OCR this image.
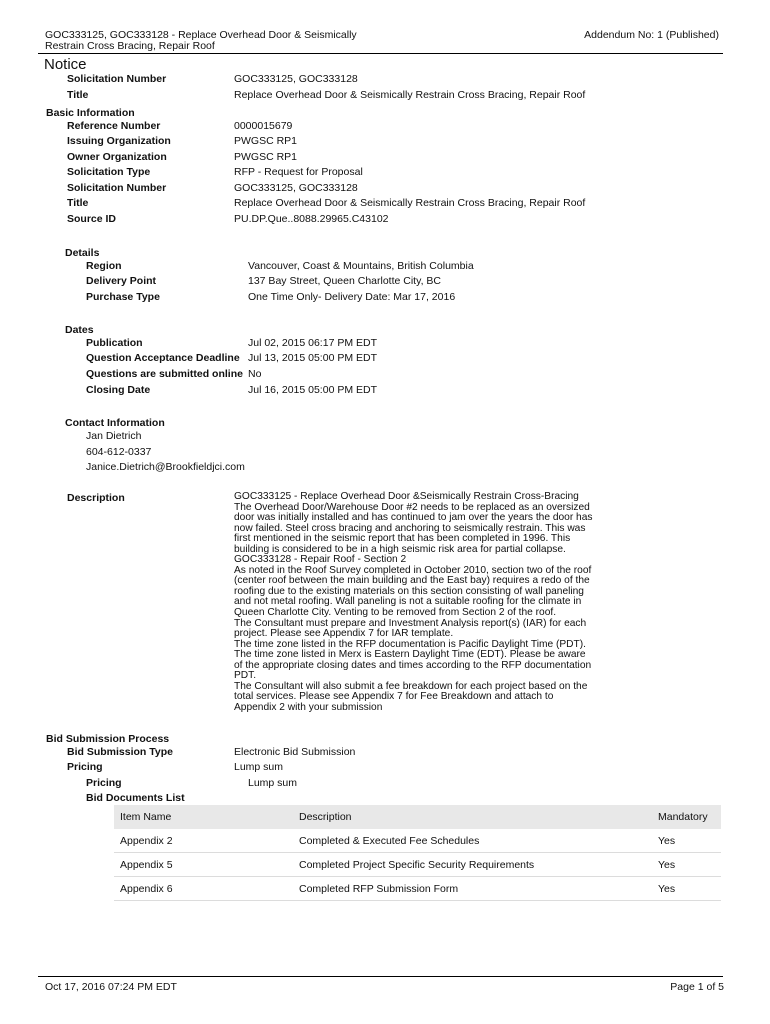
GOC333125, GOC333128 - Replace Overhead Door & Seismically
Restrain Cross Bracing, Repair Roof
Addendum No: 1 (Published)
Notice
Solicitation Number	GOC333125, GOC333128
Title	Replace Overhead Door & Seismically Restrain Cross Bracing, Repair Roof
Basic Information
Reference Number	0000015679
Issuing Organization	PWGSC RP1
Owner Organization	PWGSC RP1
Solicitation Type	RFP - Request for Proposal
Solicitation Number	GOC333125, GOC333128
Title	Replace Overhead Door & Seismically Restrain Cross Bracing, Repair Roof
Source ID	PU.DP.Que..8088.29965.C43102
Details
Region	Vancouver, Coast & Mountains, British Columbia
Delivery Point	137 Bay Street, Queen Charlotte City, BC
Purchase Type	One Time Only- Delivery Date: Mar 17, 2016
Dates
Publication	Jul 02, 2015 06:17 PM EDT
Question Acceptance Deadline Jul 13, 2015 05:00 PM EDT
Questions are submitted online No
Closing Date	Jul 16, 2015 05:00 PM EDT
Contact Information
Jan Dietrich
604-612-0337
Janice.Dietrich@Brookfieldjci.com
Description	GOC333125 - Replace Overhead Door &Seismically Restrain Cross-Bracing
The Overhead Door/Warehouse Door #2 needs to be replaced as an oversized
door was initially installed and has continued to jam over the years the door has
now failed. Steel cross bracing and anchoring to seismically restrain. This was
first mentioned in the seismic report that has been completed in 1996. This
building is considered to be in a high seismic risk area for partial collapse.
GOC333128 - Repair Roof - Section 2
As noted in the Roof Survey completed in October 2010, section two of the roof
(center roof between the main building and the East bay) requires a redo of the
roofing due to the existing materials on this section consisting of wall paneling
and not metal roofing. Wall paneling is not a suitable roofing for the climate in
Queen Charlotte City. Venting to be removed from Section 2 of the roof.
The Consultant must prepare and Investment Analysis report(s) (IAR) for each
project. Please see Appendix 7 for IAR template.
The time zone listed in the RFP documentation is Pacific Daylight Time (PDT).
The time zone listed in Merx is Eastern Daylight Time (EDT). Please be aware
of the appropriate closing dates and times according to the RFP documentation
PDT.
The Consultant will also submit a fee breakdown for each project based on the
total services. Please see Appendix 7 for Fee Breakdown and attach to
Appendix 2 with your submission
Bid Submission Process
Bid Submission Type	Electronic Bid Submission
Pricing	Lump sum
Pricing	Lump sum
Bid Documents List
Item Name	Description	Mandatory
Appendix 2	Completed & Executed Fee Schedules	Yes
Appendix 5	Completed Project Specific Security Requirements	Yes
Appendix 6	Completed RFP Submission Form	Yes
Oct 17, 2016 07:24 PM EDT	Page 1 of 5
